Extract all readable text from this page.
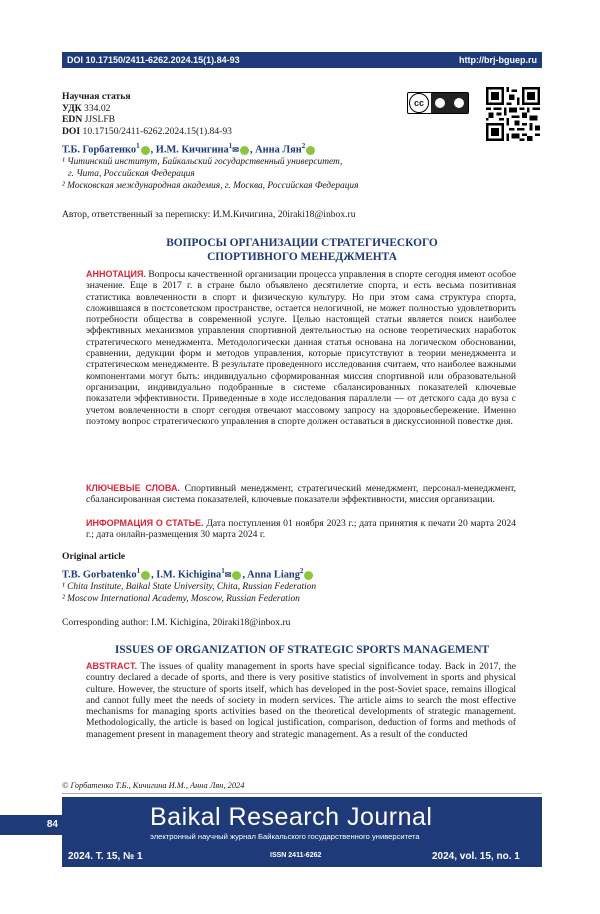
DOI 10.17150/2411-6262.2024.15(1).84-93	http://brj-bguep.ru
Научная статья
УДК 334.02
EDN JJSLFB
DOI 10.17150/2411-6262.2024.15(1).84-93
cc
Т.Б. Горбатенко$^1$ , И.М. Кичигина$^1$✉ , Анна Лян$^2$
¹ Читинский институт, Байкальский государственный университет,
г. Чита, Российская Федерация
² Московская международная академия, г. Москва, Российская Федерация
Автор, ответственный за переписку: И.М.Кичигина, 20iraki18@inbox.ru
ВОПРОСЫ ОРГАНИЗАЦИИ СТРАТЕГИЧЕСКОГО
СПОРТИВНОГО МЕНЕДЖМЕНТА
АННОТАЦИЯ. Вопросы качественной организации процесса управления в спорте сегодня имеют особое значение. Еще в 2017 г. в стране было объявлено десятилетие спорта, и есть весьма позитивная статистика вовлеченности в спорт и физическую культуру. Но при этом сама структура спорта, сложившаяся в постсоветском пространстве, остается нелогичной, не может полностью удовлетворить потребности общества в современной услуге. Целью настоящей статьи является поиск наиболее эффективных механизмов управления спортивной деятельностью на основе теоретических наработок стратегического менеджмента. Методологически данная статья основана на логическом обосновании, сравнении, дедукции форм и методов управления, которые присутствуют в теории менеджмента и стратегическом менеджменте. В результате проведенного исследования считаем, что наиболее важными компонентами могут быть: индивидуально сформированная миссия спортивной или образовательной организации, индивидуально подобранные в системе сбалансированных показателей ключевые показатели эффективности. Приведенные в ходе исследования параллели — от детского сада до вуза с учетом вовлеченности в спорт сегодня отвечают массовому запросу на здоровьесбережение. Именно поэтому вопрос стратегического управления в спорте должен оставаться в дискуссионной повестке дня.
КЛЮЧЕВЫЕ СЛОВА. Спортивный менеджмент, стратегический менеджмент, персонал-менеджмент, сбалансированная система показателей, ключевые показатели эффективности, миссия организации.
ИНФОРМАЦИЯ О СТАТЬЕ. Дата поступления 01 ноября 2023 г.; дата принятия к печати 20 марта 2024 г.; дата онлайн-размещения 30 марта 2024 г.
Original article
T.B. Gorbatenko$^1$ , I.M. Kichigina$^1$✉ , Anna Liang$^2$
¹ Chita Institute, Baikal State University, Chita, Russian Federation
² Moscow International Academy, Moscow, Russian Federation
Corresponding author: I.M. Kichigina, 20iraki18@inbox.ru
ISSUES OF ORGANIZATION OF STRATEGIC SPORTS MANAGEMENT
ABSTRACT. The issues of quality management in sports have special significance today. Back in 2017, the country declared a decade of sports, and there is very positive statistics of involvement in sports and physical culture. However, the structure of sports itself, which has developed in the post-Soviet space, remains illogical and cannot fully meet the needs of society in modern services. The article aims to search the most effective mechanisms for managing sports activities based on the theoretical developments of strategic management. Methodologically, the article is based on logical justification, comparison, deduction of forms and methods of management present in management theory and strategic management. As a result of the conducted
© Горбатенко Т.Б., Кичигина И.М., Анна Лян, 2024
84	Baikal Research Journal
электронный научный журнал Байкальского государственного университета
2024. Т. 15, № 1	ISSN 2411-6262	2024, vol. 15, no. 1
